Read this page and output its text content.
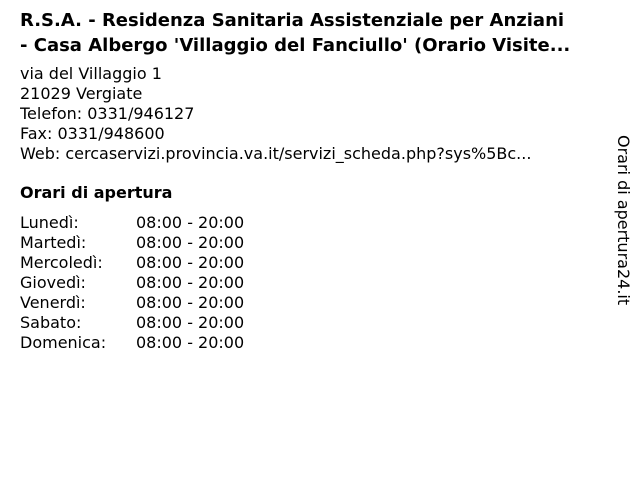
R.S.A. - Residenza Sanitaria Assistenziale per Anziani
- Casa Albergo 'Villaggio del Fanciullo' (Orario Visite...
via del Villaggio 1
21029 Vergiate
Telefon: 0331/946127
Fax: 0331/948600
Web: cercaservizi.provincia.va.it/servizi_scheda.php?sys%5Bc...
Orari di apertura
Lunedì:	08:00 - 20:00
Martedì:	08:00 - 20:00
Mercoledì:	08:00 - 20:00
Giovedì:	08:00 - 20:00
Venerdì:	08:00 - 20:00
Sabato:	08:00 - 20:00
Domenica:	08:00 - 20:00
Orari di apertura24.it
